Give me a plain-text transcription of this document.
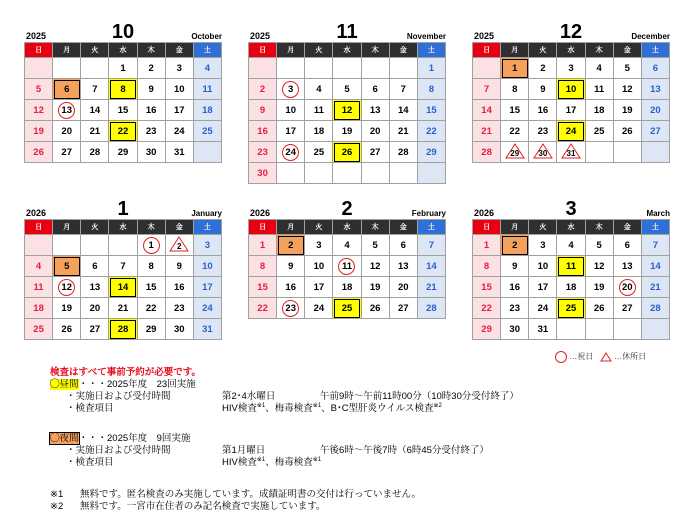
2025	10	October
日	月	火	水	木	金	土
			1	2	3	4
5	6	7	8	9	10	11
12	13	14	15	16	17	18
19	20	21	22	23	24	25
26	27	28	29	30	31	
2025	11	November
日	月	火	水	木	金	土
						1
2	3	4	5	6	7	8
9	10	11	12	13	14	15
16	17	18	19	20	21	22
23	24	25	26	27	28	29
30						
2025	12	December
日	月	火	水	木	金	土
	1	2	3	4	5	6
7	8	9	10	11	12	13
14	15	16	17	18	19	20
21	22	23	24	25	26	27
28	29	30	31			

2026	1	January
日	月	火	水	木	金	土
				1	2	3
4	5	6	7	8	9	10
11	12	13	14	15	16	17
18	19	20	21	22	23	24
25	26	27	28	29	30	31
2026	2	February
日	月	火	水	木	金	土
1	2	3	4	5	6	7
8	9	10	11	12	13	14
15	16	17	18	19	20	21
22	23	24	25	26	27	28
2026	3	March
日	月	火	水	木	金	土
1	2	3	4	5	6	7
8	9	10	11	12	13	14
15	16	17	18	19	20	21
22	23	24	25	26	27	28
29	30	31				
…祝日	…休所日
検査はすべて事前予約が必要です。
◯昼間・・・2025年度　23回実施
・実施日および受付時間	第2･4水曜日	午前9時～午前11時00分（10時30分受付終了）
・検査項目	HIV検査$^{※1}$、梅毒検査$^{※1}$、B･C型肝炎ウイルス検査$^{※2}$
◯夜間・・・2025年度　9回実施
・実施日および受付時間	第1月曜日	午後6時～午後7時（6時45分受付終了）
・検査項目	HIV検査$^{※1}$、梅毒検査$^{※1}$
※1 無料です。匿名検査のみ実施しています。成績証明書の交付は行っていません。
※2 無料です。一宮市在住者のみ記名検査で実施しています。
